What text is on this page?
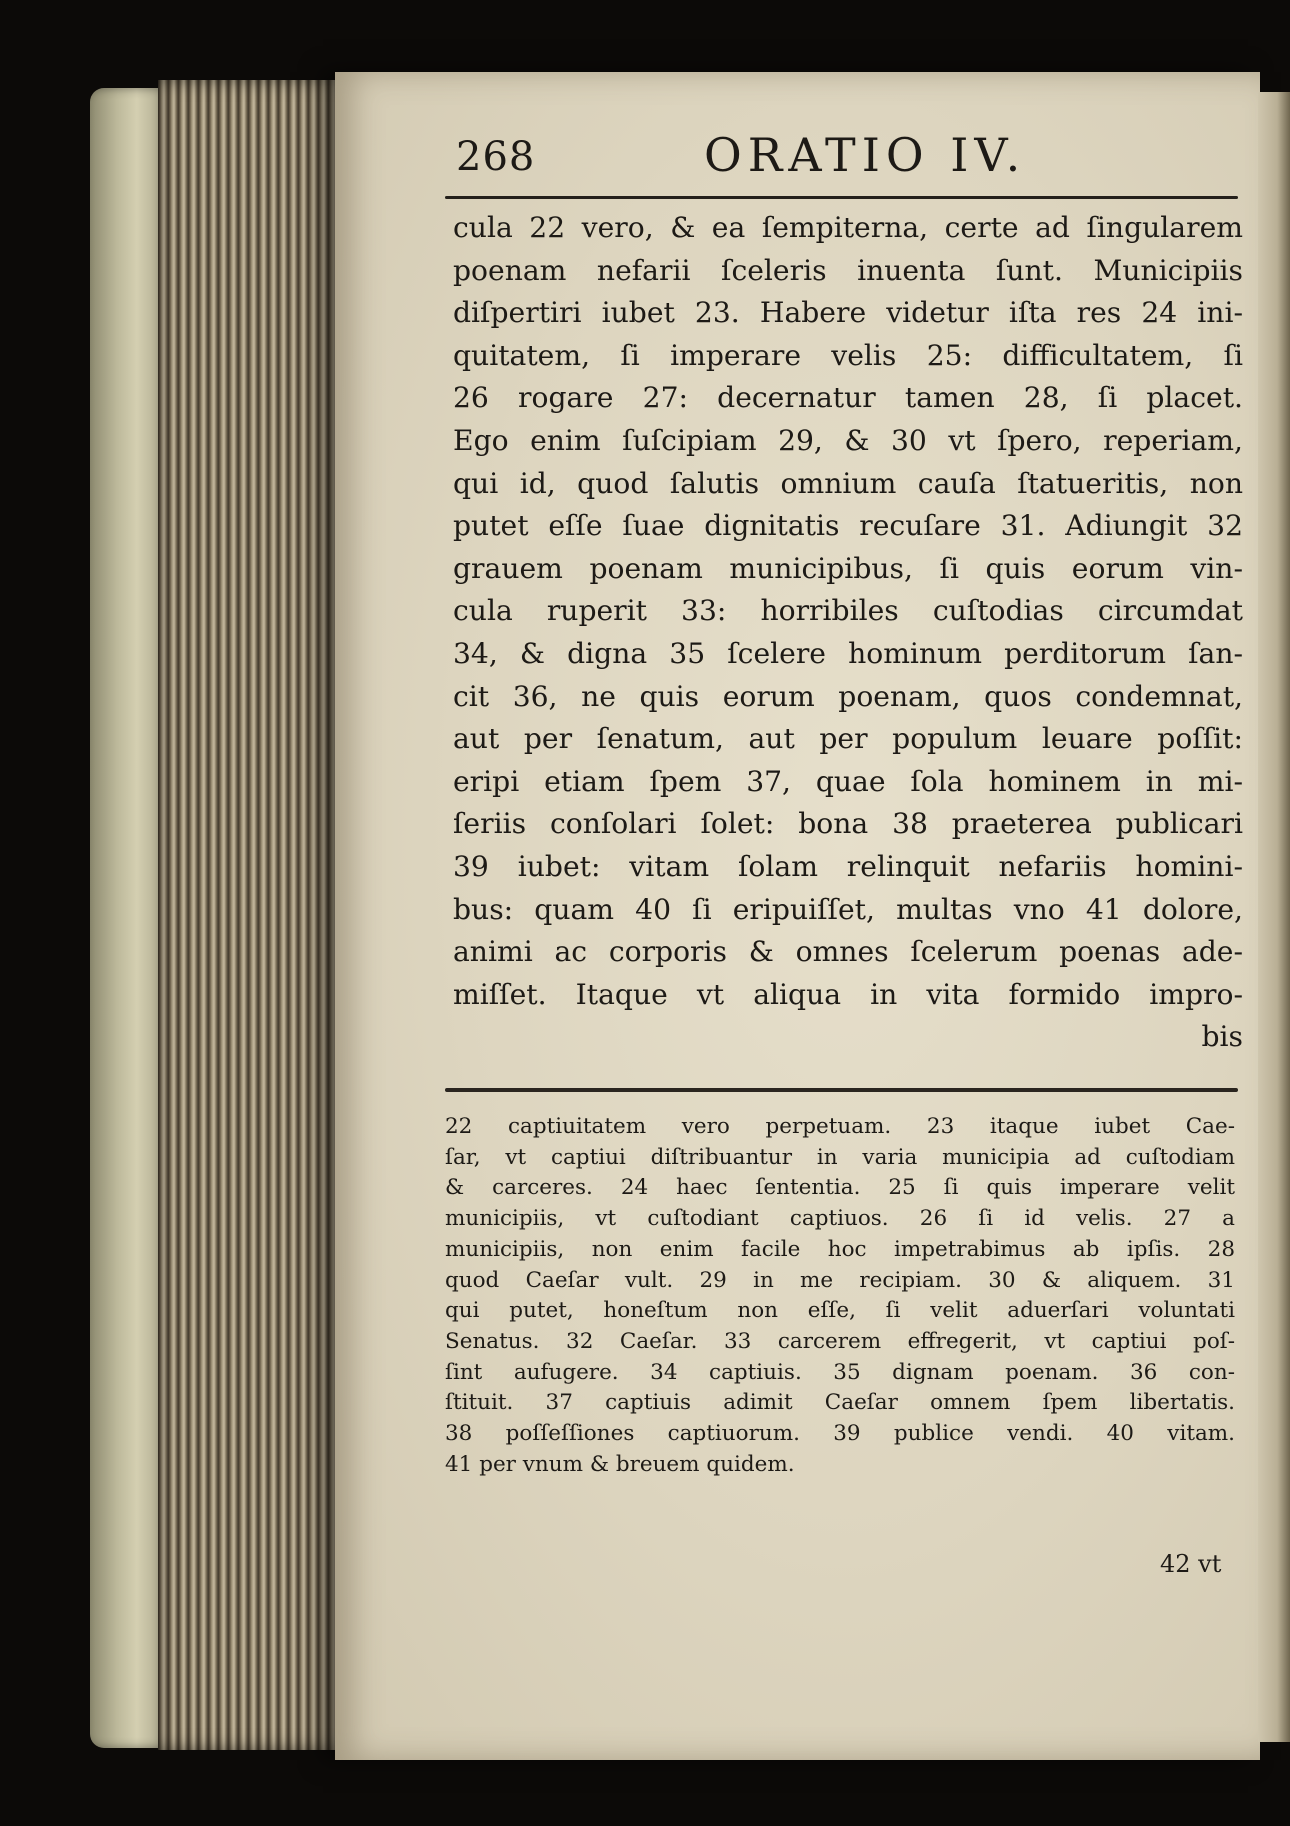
268	ORATIO IV.
cula 22 vero, & ea ſempiterna, certe ad ſingularem
poenam nefarii ſceleris inuenta ſunt. Municipiis
diſpertiri iubet 23. Habere videtur iſta res 24 ini-
quitatem, ſi imperare velis 25: difficultatem, ſi
26 rogare 27: decernatur tamen 28, ſi placet.
Ego enim ſuſcipiam 29, & 30 vt ſpero, reperiam,
qui id, quod ſalutis omnium cauſa ſtatueritis, non
putet eſſe ſuae dignitatis recuſare 31. Adiungit 32
grauem poenam municipibus, ſi quis eorum vin-
cula ruperit 33: horribiles cuſtodias circumdat
34, & digna 35 ſcelere hominum perditorum ſan-
cit 36, ne quis eorum poenam, quos condemnat,
aut per ſenatum, aut per populum leuare poſſit:
eripi etiam ſpem 37, quae ſola hominem in mi-
ſeriis conſolari ſolet: bona 38 praeterea publicari
39 iubet: vitam ſolam relinquit nefariis homini-
bus: quam 40 ſi eripuiſſet, multas vno 41 dolore,
animi ac corporis & omnes ſcelerum poenas ade-
miſſet. Itaque vt aliqua in vita formido impro-
bis
22 captiuitatem vero perpetuam. 23 itaque iubet Cae-
ſar, vt captiui diſtribuantur in varia municipia ad cuſtodiam
& carceres. 24 haec ſententia. 25 ſi quis imperare velit
municipiis, vt cuſtodiant captiuos. 26 ſi id velis. 27 a
municipiis, non enim facile hoc impetrabimus ab ipſis. 28
quod Caeſar vult. 29 in me recipiam. 30 & aliquem. 31
qui putet, honeſtum non eſſe, ſi velit aduerſari voluntati
Senatus. 32 Caeſar. 33 carcerem effregerit, vt captiui poſ-
ſint aufugere. 34 captiuis. 35 dignam poenam. 36 con-
ſtituit. 37 captiuis adimit Caeſar omnem ſpem libertatis.
38 poſſeſſiones captiuorum. 39 publice vendi. 40 vitam.
41 per vnum & breuem quidem.
42 vt
